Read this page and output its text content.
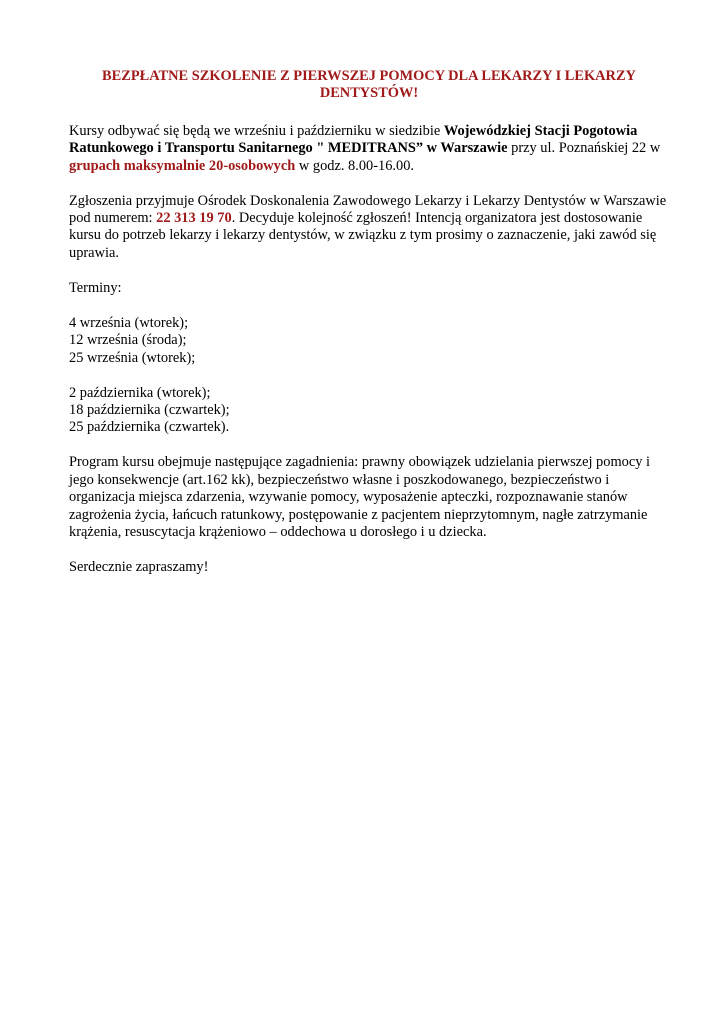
BEZPŁATNE SZKOLENIE Z PIERWSZEJ POMOCY DLA LEKARZY I LEKARZY DENTYSTÓW!

Kursy odbywać się będą we wrześniu i październiku w siedzibie Wojewódzkiej Stacji Pogotowia Ratunkowego i Transportu Sanitarnego " MEDITRANS” w Warszawie przy ul. Poznańskiej 22 w grupach maksymalnie 20-osobowych w godz. 8.00-16.00.

Zgłoszenia przyjmuje Ośrodek Doskonalenia Zawodowego Lekarzy i Lekarzy Dentystów w Warszawie pod numerem: 22 313 19 70. Decyduje kolejność zgłoszeń! Intencją organizatora jest dostosowanie kursu do potrzeb lekarzy i lekarzy dentystów, w związku z tym prosimy o zaznaczenie, jaki zawód się uprawia.

Terminy:

4 września (wtorek);
12 września (środa);
25 września (wtorek);
2 października (wtorek);
18 października (czwartek);
25 października (czwartek).

Program kursu obejmuje następujące zagadnienia: prawny obowiązek udzielania pierwszej pomocy i jego konsekwencje (art.162 kk), bezpieczeństwo własne i poszkodowanego, bezpieczeństwo i organizacja miejsca zdarzenia, wzywanie pomocy, wyposażenie apteczki, rozpoznawanie stanów zagrożenia życia, łańcuch ratunkowy, postępowanie z pacjentem nieprzytomnym, nagłe zatrzymanie krążenia, resuscytacja krążeniowo – oddechowa u dorosłego i u dziecka.

Serdecznie zapraszamy!
